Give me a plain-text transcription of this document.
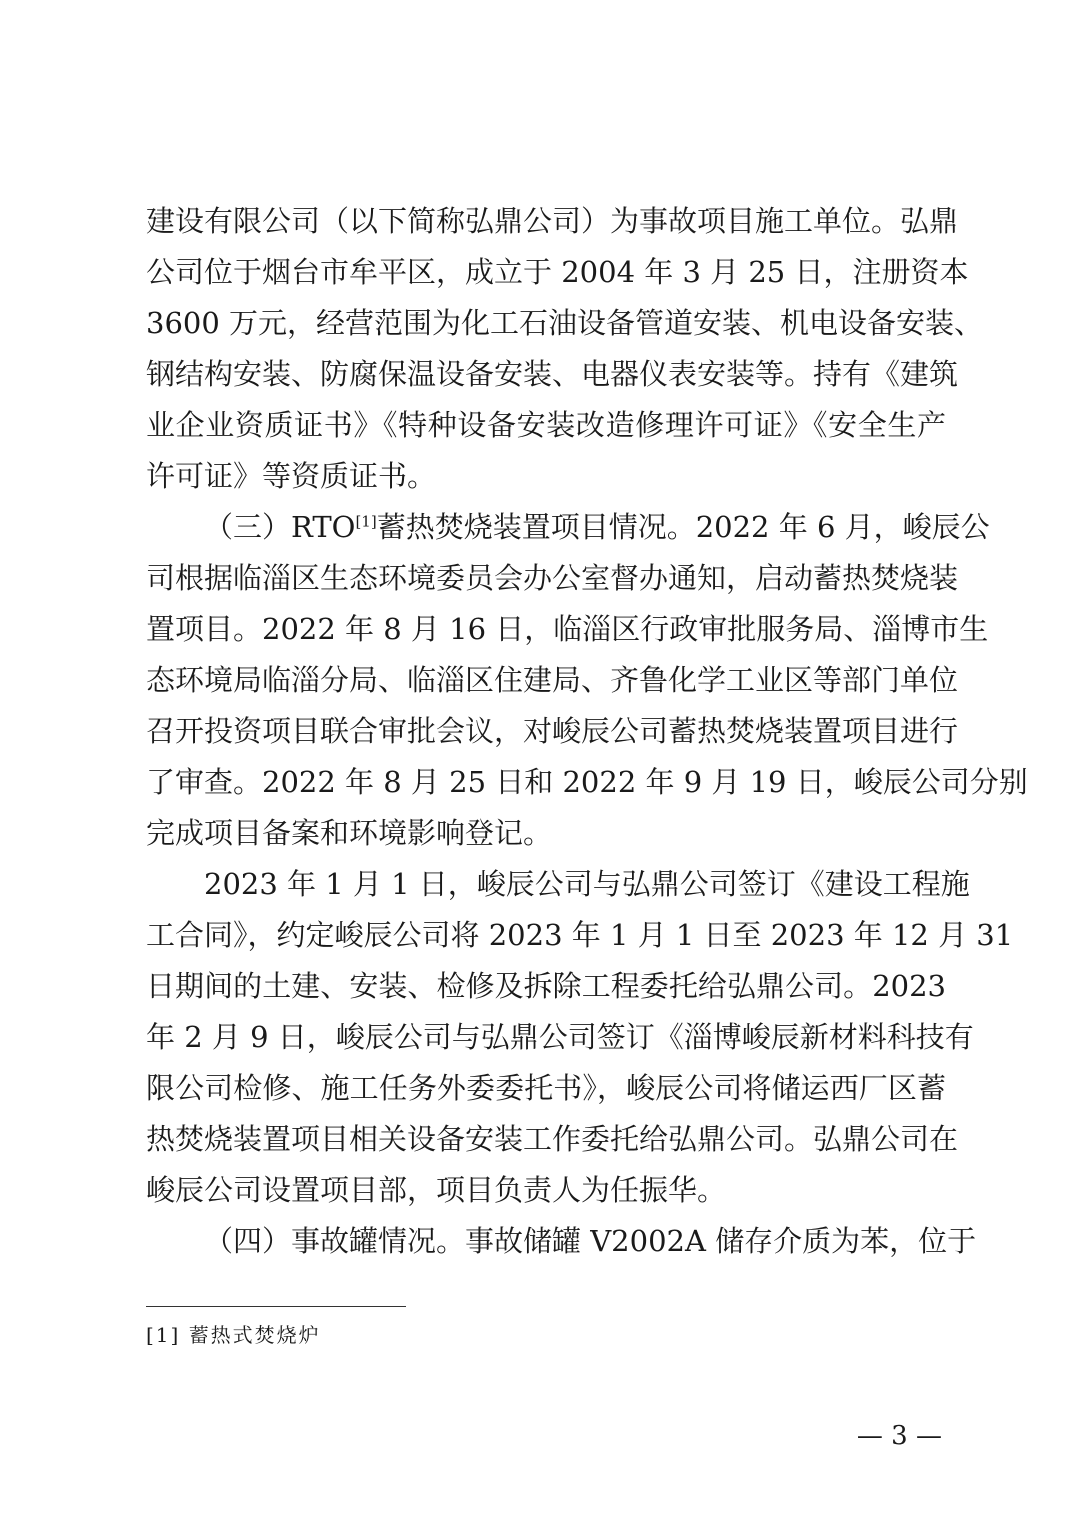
建设有限公司（以下简称弘鼎公司）为事故项目施工单位。弘鼎
公司位于烟台市牟平区，成立于 2004 年 3 月 25 日，注册资本
3600 万元，经营范围为化工石油设备管道安装、机电设备安装、
钢结构安装、防腐保温设备安装、电器仪表安装等。持有《建筑
业企业资质证书》《特种设备安装改造修理许可证》《安全生产
许可证》等资质证书。
（三）RTO[1]蓄热焚烧装置项目情况。2022 年 6 月，峻辰公
司根据临淄区生态环境委员会办公室督办通知，启动蓄热焚烧装
置项目。2022 年 8 月 16 日，临淄区行政审批服务局、淄博市生
态环境局临淄分局、临淄区住建局、齐鲁化学工业区等部门单位
召开投资项目联合审批会议，对峻辰公司蓄热焚烧装置项目进行
了审查。2022 年 8 月 25 日和 2022 年 9 月 19 日，峻辰公司分别
完成项目备案和环境影响登记。
2023 年 1 月 1 日，峻辰公司与弘鼎公司签订《建设工程施
工合同》，约定峻辰公司将 2023 年 1 月 1 日至 2023 年 12 月 31
日期间的土建、安装、检修及拆除工程委托给弘鼎公司。2023
年 2 月 9 日，峻辰公司与弘鼎公司签订《淄博峻辰新材料科技有
限公司检修、施工任务外委委托书》，峻辰公司将储运西厂区蓄
热焚烧装置项目相关设备安装工作委托给弘鼎公司。弘鼎公司在
峻辰公司设置项目部，项目负责人为任振华。
（四）事故罐情况。事故储罐 V2002A 储存介质为苯，位于
[1] 蓄热式焚烧炉
— 3 —
